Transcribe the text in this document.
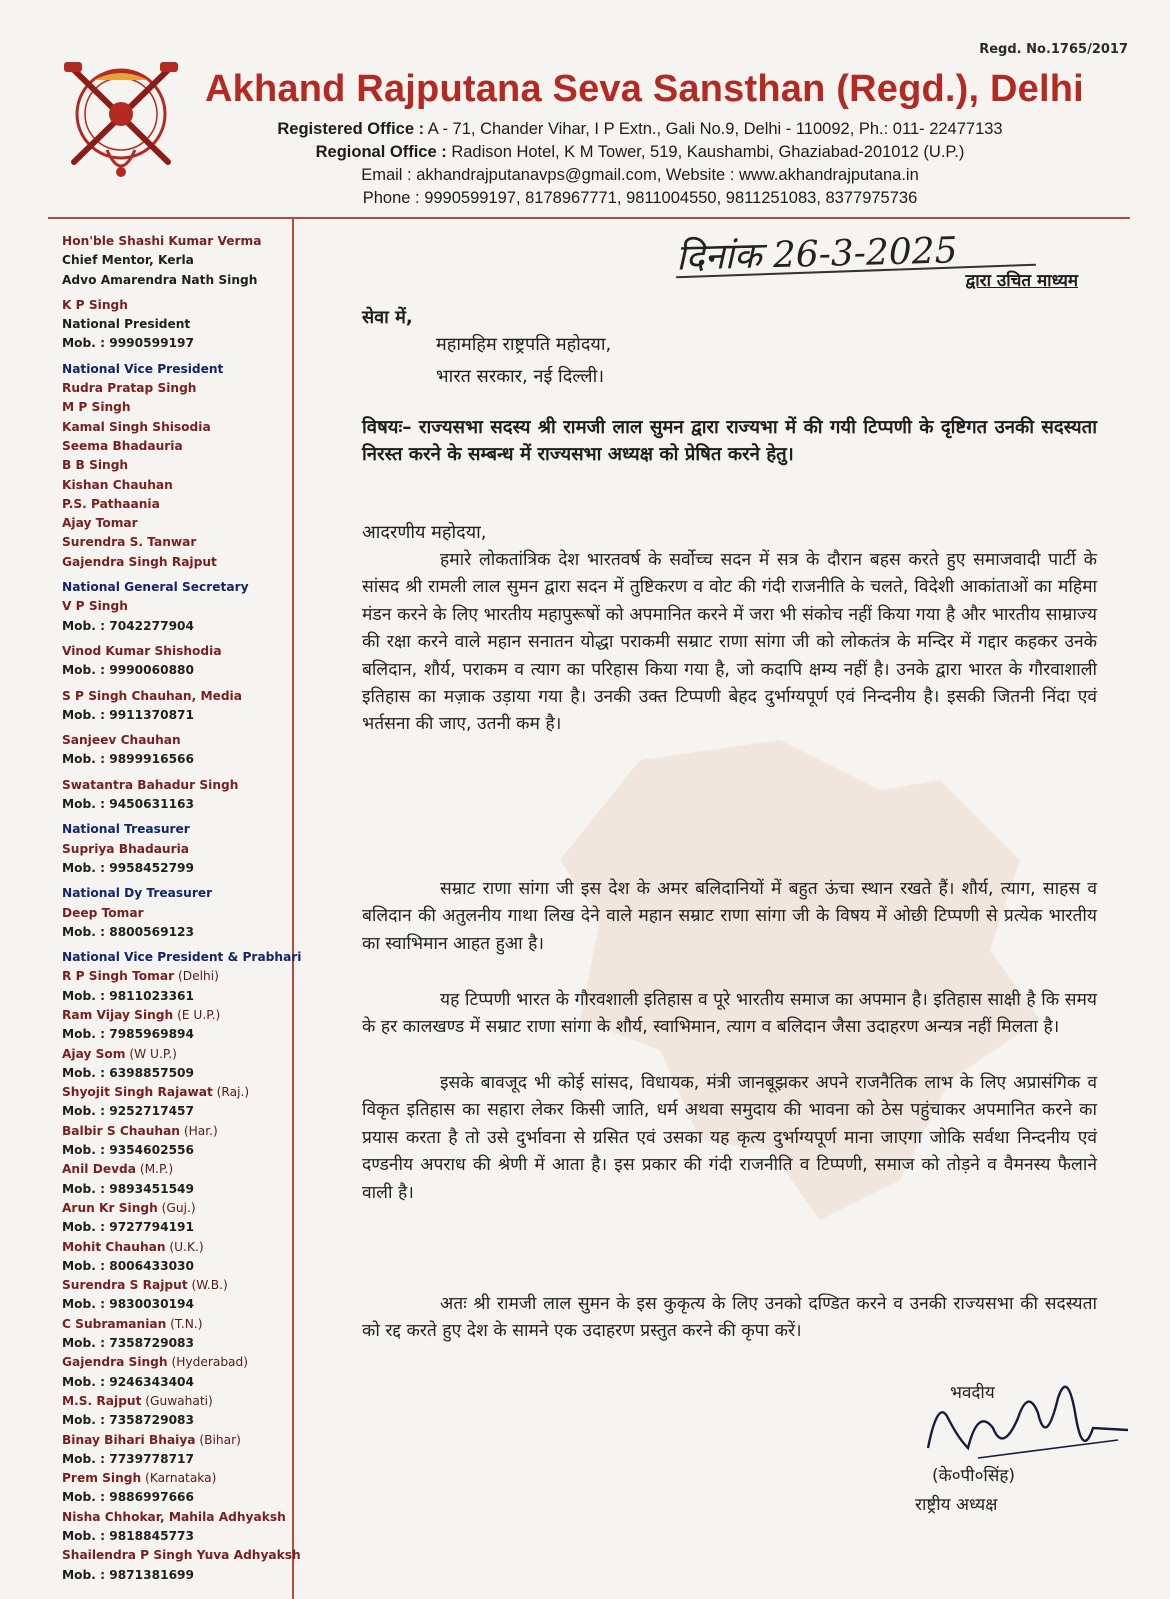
Regd. No.1765/2017
Akhand Rajputana Seva Sansthan (Regd.), Delhi
Registered Office : A - 71, Chander Vihar, I P Extn., Gali No.9, Delhi - 110092, Ph.: 011- 22477133
Regional Office : Radison Hotel, K M Tower, 519, Kaushambi, Ghaziabad-201012 (U.P.)
Email : akhandrajputanavps@gmail.com, Website : www.akhandrajputana.in
Phone : 9990599197, 8178967771, 9811004550, 9811251083, 8377975736
Hon'ble Shashi Kumar Verma
Chief Mentor, Kerla
Advo Amarendra Nath Singh
K P Singh
National President
Mob. : 9990599197
National Vice President
Rudra Pratap Singh
M P Singh
Kamal Singh Shisodia
Seema Bhadauria
B B Singh
Kishan Chauhan
P.S. Pathaania
Ajay Tomar
Surendra S. Tanwar
Gajendra Singh Rajput
National General Secretary
V P Singh
Mob. : 7042277904
Vinod Kumar Shishodia
Mob. : 9990060880
S P Singh Chauhan, Media
Mob. : 9911370871
Sanjeev Chauhan
Mob. : 9899916566
Swatantra Bahadur Singh
Mob. : 9450631163
National Treasurer
Supriya Bhadauria
Mob. : 9958452799
National Dy Treasurer
Deep Tomar
Mob. : 8800569123
National Vice President & Prabhari
R P Singh Tomar (Delhi)
Mob. : 9811023361
Ram Vijay Singh (E U.P.)
Mob. : 7985969894
Ajay Som (W U.P.)
Mob. : 6398857509
Shyojit Singh Rajawat (Raj.)
Mob. : 9252717457
Balbir S Chauhan (Har.)
Mob. : 9354602556
Anil Devda (M.P.)
Mob. : 9893451549
Arun Kr Singh (Guj.)
Mob. : 9727794191
Mohit Chauhan (U.K.)
Mob. : 8006433030
Surendra S Rajput (W.B.)
Mob. : 9830030194
C Subramanian (T.N.)
Mob. : 7358729083
Gajendra Singh (Hyderabad)
Mob. : 9246343404
M.S. Rajput (Guwahati)
Mob. : 7358729083
Binay Bihari Bhaiya (Bihar)
Mob. : 7739778717
Prem Singh (Karnataka)
Mob. : 9886997666
Nisha Chhokar, Mahila Adhyaksh
Mob. : 9818845773
Shailendra P Singh Yuva Adhyaksh
Mob. : 9871381699
दिनांक 26-3-2025
द्वारा उचित माध्यम
सेवा में,
महामहिम राष्ट्रपति महोदया,
भारत सरकार, नई दिल्ली।
विषयः– राज्यसभा सदस्य श्री रामजी लाल सुमन द्वारा राज्यभा में की गयी टिप्पणी के दृष्टिगत उनकी सदस्यता निरस्त करने के सम्बन्ध में राज्यसभा अध्यक्ष को प्रेषित करने हेतु।
आदरणीय महोदया,
हमारे लोकतांत्रिक देश भारतवर्ष के सर्वोच्च सदन में सत्र के दौरान बहस करते हुए समाजवादी पार्टी के सांसद श्री रामली लाल सुमन द्वारा सदन में तुष्टिकरण व वोट की गंदी राजनीति के चलते, विदेशी आकांताओं का महिमा मंडन करने के लिए भारतीय महापुरूषों को अपमानित करने में जरा भी संकोच नहीं किया गया है और भारतीय साम्राज्य की रक्षा करने वाले महान सनातन योद्धा पराकमी सम्राट राणा सांगा जी को लोकतंत्र के मन्दिर में गद्दार कहकर उनके बलिदान, शौर्य, पराकम व त्याग का परिहास किया गया है, जो कदापि क्षम्य नहीं है। उनके द्वारा भारत के गौरवाशाली इतिहास का मज़ाक उड़ाया गया है। उनकी उक्त टिप्पणी बेहद दुर्भाग्यपूर्ण एवं निन्दनीय है। इसकी जितनी निंदा एवं भर्तसना की जाए, उतनी कम है।
सम्राट राणा सांगा जी इस देश के अमर बलिदानियों में बहुत ऊंचा स्थान रखते हैं। शौर्य, त्याग, साहस व बलिदान की अतुलनीय गाथा लिख देने वाले महान सम्राट राणा सांगा जी के विषय में ओछी टिप्पणी से प्रत्येक भारतीय का स्वाभिमान आहत हुआ है।
यह टिप्पणी भारत के गौरवशाली इतिहास व पूरे भारतीय समाज का अपमान है। इतिहास साक्षी है कि समय के हर कालखण्ड में सम्राट राणा सांगा के शौर्य, स्वाभिमान, त्याग व बलिदान जैसा उदाहरण अन्यत्र नहीं मिलता है।
इसके बावजूद भी कोई सांसद, विधायक, मंत्री जानबूझकर अपने राजनैतिक लाभ के लिए अप्रासंगिक व विकृत इतिहास का सहारा लेकर किसी जाति, धर्म अथवा समुदाय की भावना को ठेस पहुंचाकर अपमानित करने का प्रयास करता है तो उसे दुर्भावना से ग्रसित एवं उसका यह कृत्य दुर्भाग्यपूर्ण माना जाएगा जोकि सर्वथा निन्दनीय एवं दण्डनीय अपराध की श्रेणी में आता है। इस प्रकार की गंदी राजनीति व टिप्पणी, समाज को तोड़ने व वैमनस्य फैलाने वाली है।
अतः श्री रामजी लाल सुमन के इस कुकृत्य के लिए उनको दण्डित करने व उनकी राज्यसभा की सदस्यता को रद्द करते हुए देश के सामने एक उदाहरण प्रस्तुत करने की कृपा करें।
भवदीय
(के०पी०सिंह)
राष्ट्रीय अध्यक्ष
